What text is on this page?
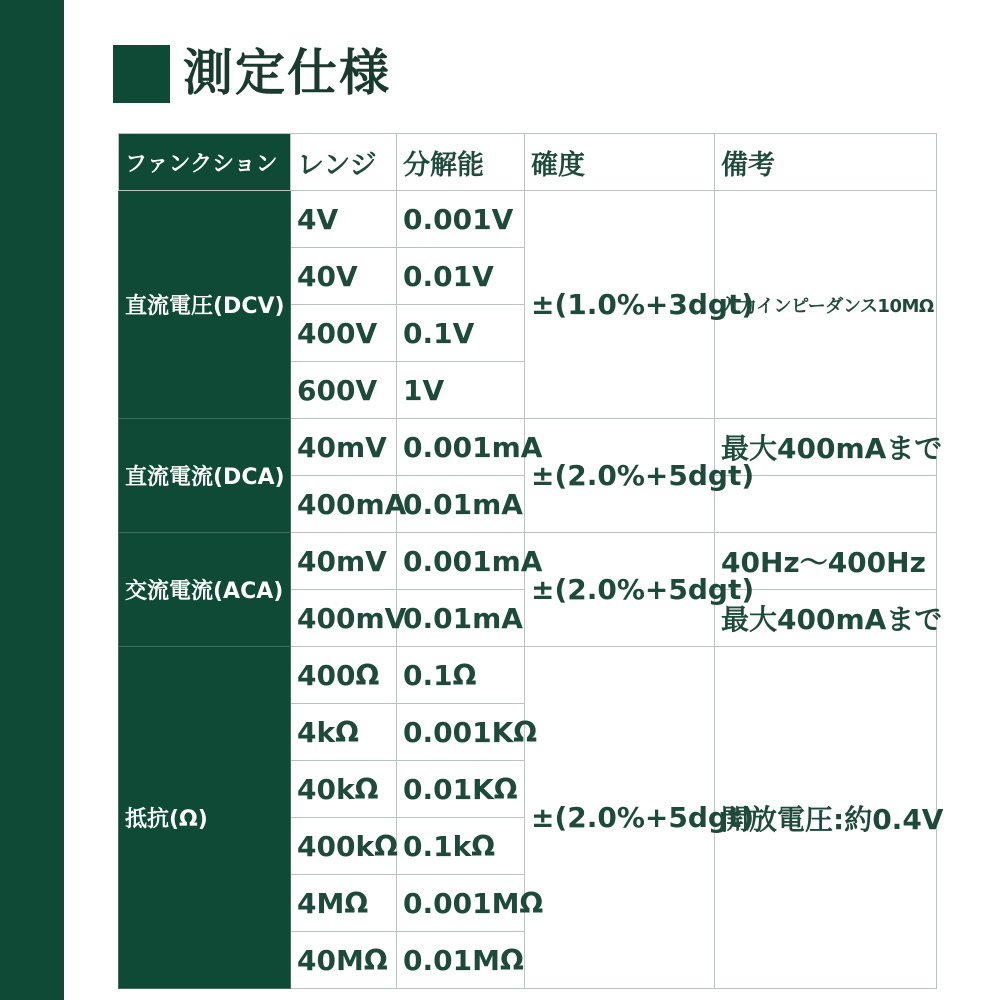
測定仕様
ファンクション	レンジ	分解能	確度	備考
直流電圧(DCV)	4V	0.001V	±(1.0%+3dgt)	入力インピーダンス10MΩ
	40V	0.01V		
	400V	0.1V		
	600V	1V		
直流電流(DCA)	40mV	0.001mA	±(2.0%+5dgt)	最大400mAまで
	400mA	0.01mA		
交流電流(ACA)	40mV	0.001mA	±(2.0%+5dgt)	40Hz～400Hz
	400mV	0.01mA		最大400mAまで
抵抗(Ω)	400Ω	0.1Ω	±(2.0%+5dgt)	開放電圧:約0.4V
	4kΩ	0.001KΩ		
	40kΩ	0.01KΩ		
	400kΩ	0.1kΩ		
	4MΩ	0.001MΩ		
	40MΩ	0.01MΩ		
